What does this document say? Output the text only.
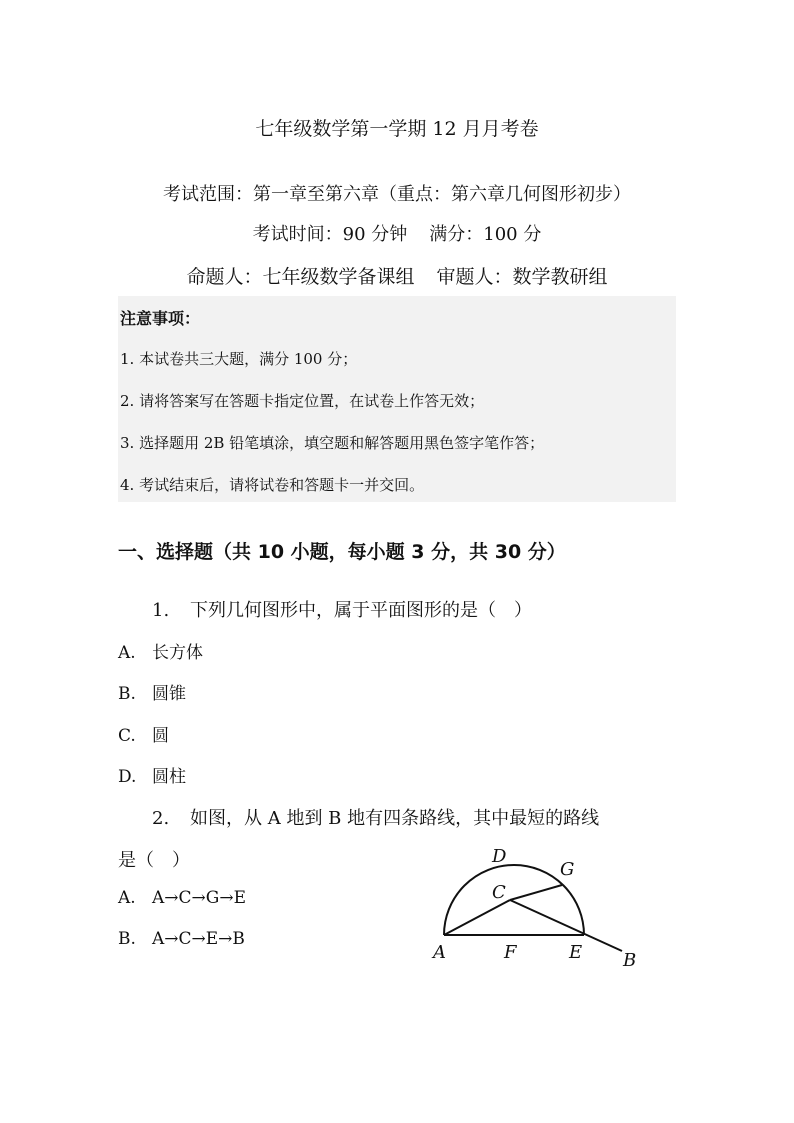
七年级数学第一学期 12 月月考卷
考试范围：第一章至第六章（重点：第六章几何图形初步）
考试时间：90 分钟 满分：100 分
命题人：七年级数学备课组 审题人：数学教研组
注意事项：
1. 本试卷共三大题，满分 100 分；
2. 请将答案写在答题卡指定位置，在试卷上作答无效；
3. 选择题用 2B 铅笔填涂，填空题和解答题用黑色签字笔作答；
4. 考试结束后，请将试卷和答题卡一并交回。
一、选择题（共 10 小题，每小题 3 分，共 30 分）
1. 下列几何图形中，属于平面图形的是（　）
A. 长方体
B. 圆锥
C. 圆
D. 圆柱
2. 如图，从 A 地到 B 地有四条路线，其中最短的路线
是（　）
A. A→C→G→E
B. A→C→E→B
A	F	E B
C
D
G
